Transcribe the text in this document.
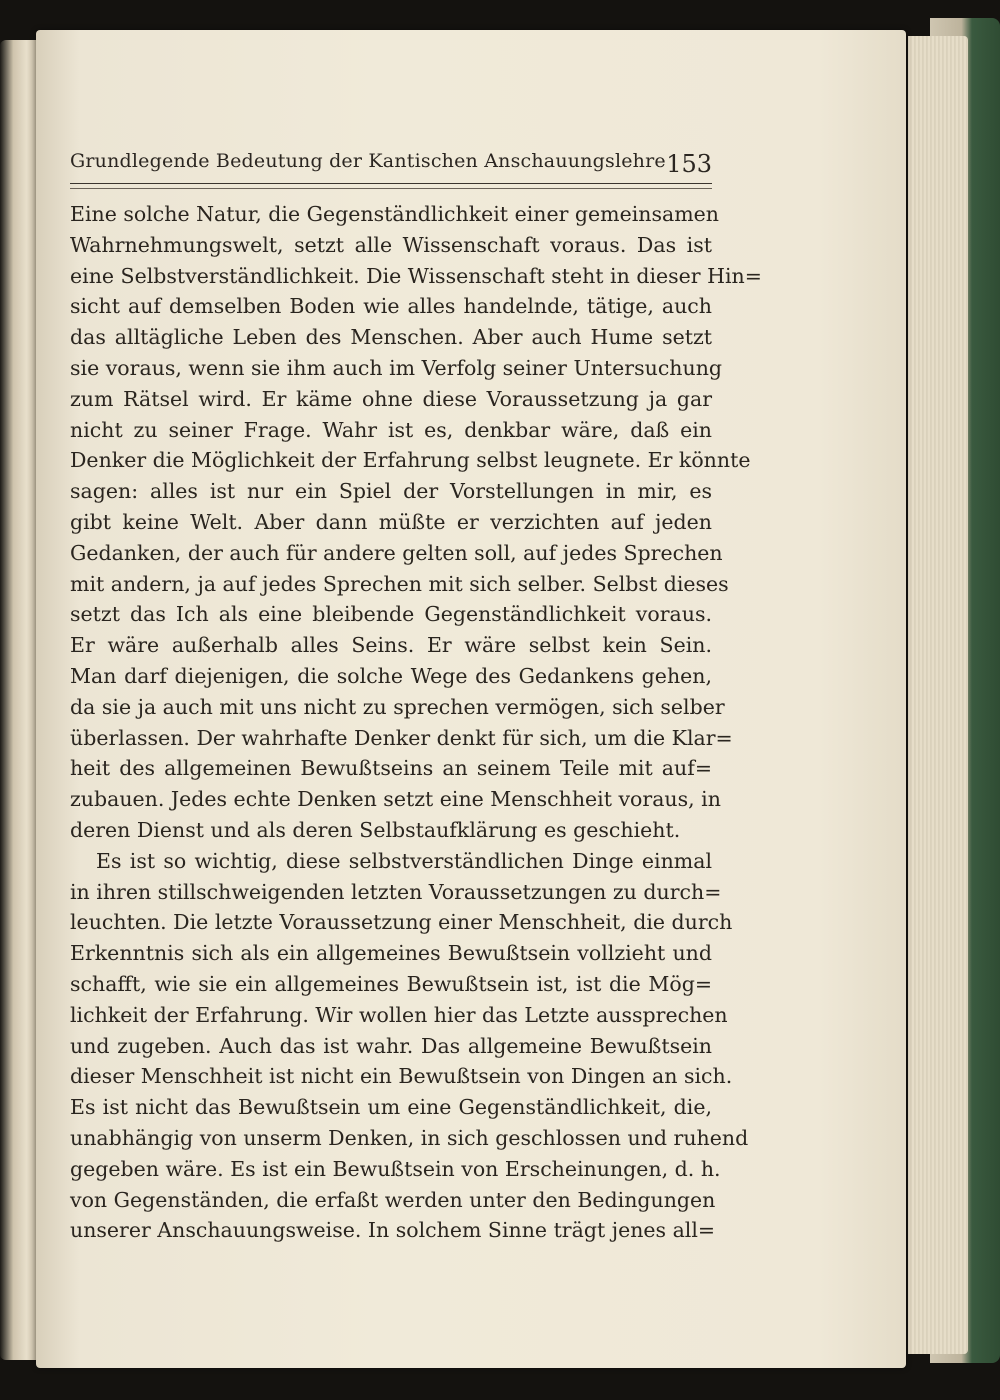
Grundlegende Bedeutung der Kantischen Anschauungslehre 153
Eine solche Natur, die Gegenständlichkeit einer gemeinsamen
Wahrnehmungswelt, setzt alle Wissenschaft voraus. Das ist
eine Selbstverständlichkeit. Die Wissenschaft steht in dieser Hin=
sicht auf demselben Boden wie alles handelnde, tätige, auch
das alltägliche Leben des Menschen. Aber auch Hume setzt
sie voraus, wenn sie ihm auch im Verfolg seiner Untersuchung
zum Rätsel wird. Er käme ohne diese Voraussetzung ja gar
nicht zu seiner Frage. Wahr ist es, denkbar wäre, daß ein
Denker die Möglichkeit der Erfahrung selbst leugnete. Er könnte
sagen: alles ist nur ein Spiel der Vorstellungen in mir, es
gibt keine Welt. Aber dann müßte er verzichten auf jeden
Gedanken, der auch für andere gelten soll, auf jedes Sprechen
mit andern, ja auf jedes Sprechen mit sich selber. Selbst dieses
setzt das Ich als eine bleibende Gegenständlichkeit voraus.
Er wäre außerhalb alles Seins. Er wäre selbst kein Sein.
Man darf diejenigen, die solche Wege des Gedankens gehen,
da sie ja auch mit uns nicht zu sprechen vermögen, sich selber
überlassen. Der wahrhafte Denker denkt für sich, um die Klar=
heit des allgemeinen Bewußtseins an seinem Teile mit auf=
zubauen. Jedes echte Denken setzt eine Menschheit voraus, in
deren Dienst und als deren Selbstaufklärung es geschieht.
Es ist so wichtig, diese selbstverständlichen Dinge einmal
in ihren stillschweigenden letzten Voraussetzungen zu durch=
leuchten. Die letzte Voraussetzung einer Menschheit, die durch
Erkenntnis sich als ein allgemeines Bewußtsein vollzieht und
schafft, wie sie ein allgemeines Bewußtsein ist, ist die Mög=
lichkeit der Erfahrung. Wir wollen hier das Letzte aussprechen
und zugeben. Auch das ist wahr. Das allgemeine Bewußtsein
dieser Menschheit ist nicht ein Bewußtsein von Dingen an sich.
Es ist nicht das Bewußtsein um eine Gegenständlichkeit, die,
unabhängig von unserm Denken, in sich geschlossen und ruhend
gegeben wäre. Es ist ein Bewußtsein von Erscheinungen, d. h.
von Gegenständen, die erfaßt werden unter den Bedingungen
unserer Anschauungsweise. In solchem Sinne trägt jenes all=
